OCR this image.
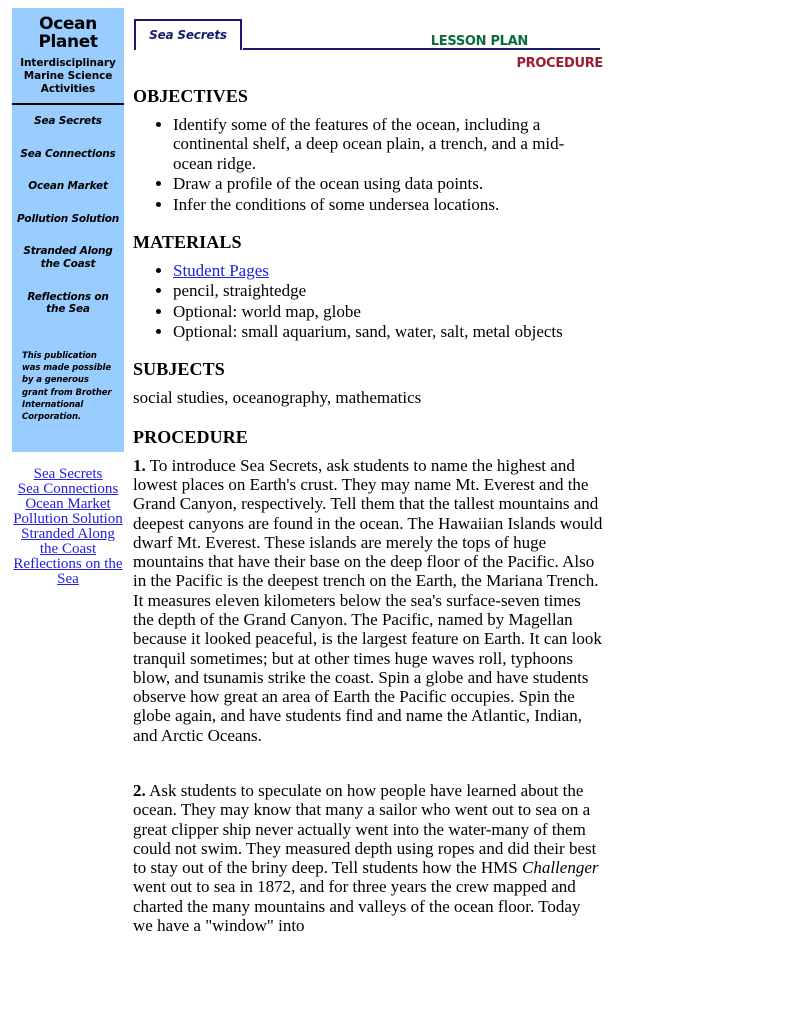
Ocean Planet
Interdisciplinary
Marine Science
Activities
Sea Secrets
Sea Connections
Ocean Market
Pollution Solution
Stranded Along
the Coast
Reflections on
the Sea
This publication was made possible by a generous grant from Brother International Corporation.
Sea Secrets
Sea Connections
Ocean Market
Pollution Solution
Stranded Along the Coast
Reflections on the Sea
Sea Secrets	LESSON PLAN
PROCEDURE
OBJECTIVES
• Identify some of the features of the ocean, including a continental shelf, a deep ocean plain, a trench, and a mid-ocean ridge.
• Draw a profile of the ocean using data points.
• Infer the conditions of some undersea locations.
MATERIALS
• Student Pages
• pencil, straightedge
• Optional: world map, globe
• Optional: small aquarium, sand, water, salt, metal objects
SUBJECTS

social studies, oceanography, mathematics

PROCEDURE

1. To introduce Sea Secrets, ask students to name the highest and lowest places on Earth's crust. They may name Mt. Everest and the Grand Canyon, respectively. Tell them that the tallest mountains and deepest canyons are found in the ocean. The Hawaiian Islands would dwarf Mt. Everest. These islands are merely the tops of huge mountains that have their base on the deep floor of the Pacific. Also in the Pacific is the deepest trench on the Earth, the Mariana Trench. It measures eleven kilometers below the sea's surface-seven times the depth of the Grand Canyon. The Pacific, named by Magellan because it looked peaceful, is the largest feature on Earth. It can look tranquil sometimes; but at other times huge waves roll, typhoons blow, and tsunamis strike the coast. Spin a globe and have students observe how great an area of Earth the Pacific occupies. Spin the globe again, and have students find and name the Atlantic, Indian, and Arctic Oceans.

2. Ask students to speculate on how people have learned about the ocean. They may know that many a sailor who went out to sea on a great clipper ship never actually went into the water-many of them could not swim. They measured depth using ropes and did their best to stay out of the briny deep. Tell students how the HMS Challenger went out to sea in 1872, and for three years the crew mapped and charted the many mountains and valleys of the ocean floor. Today we have a "window" into
